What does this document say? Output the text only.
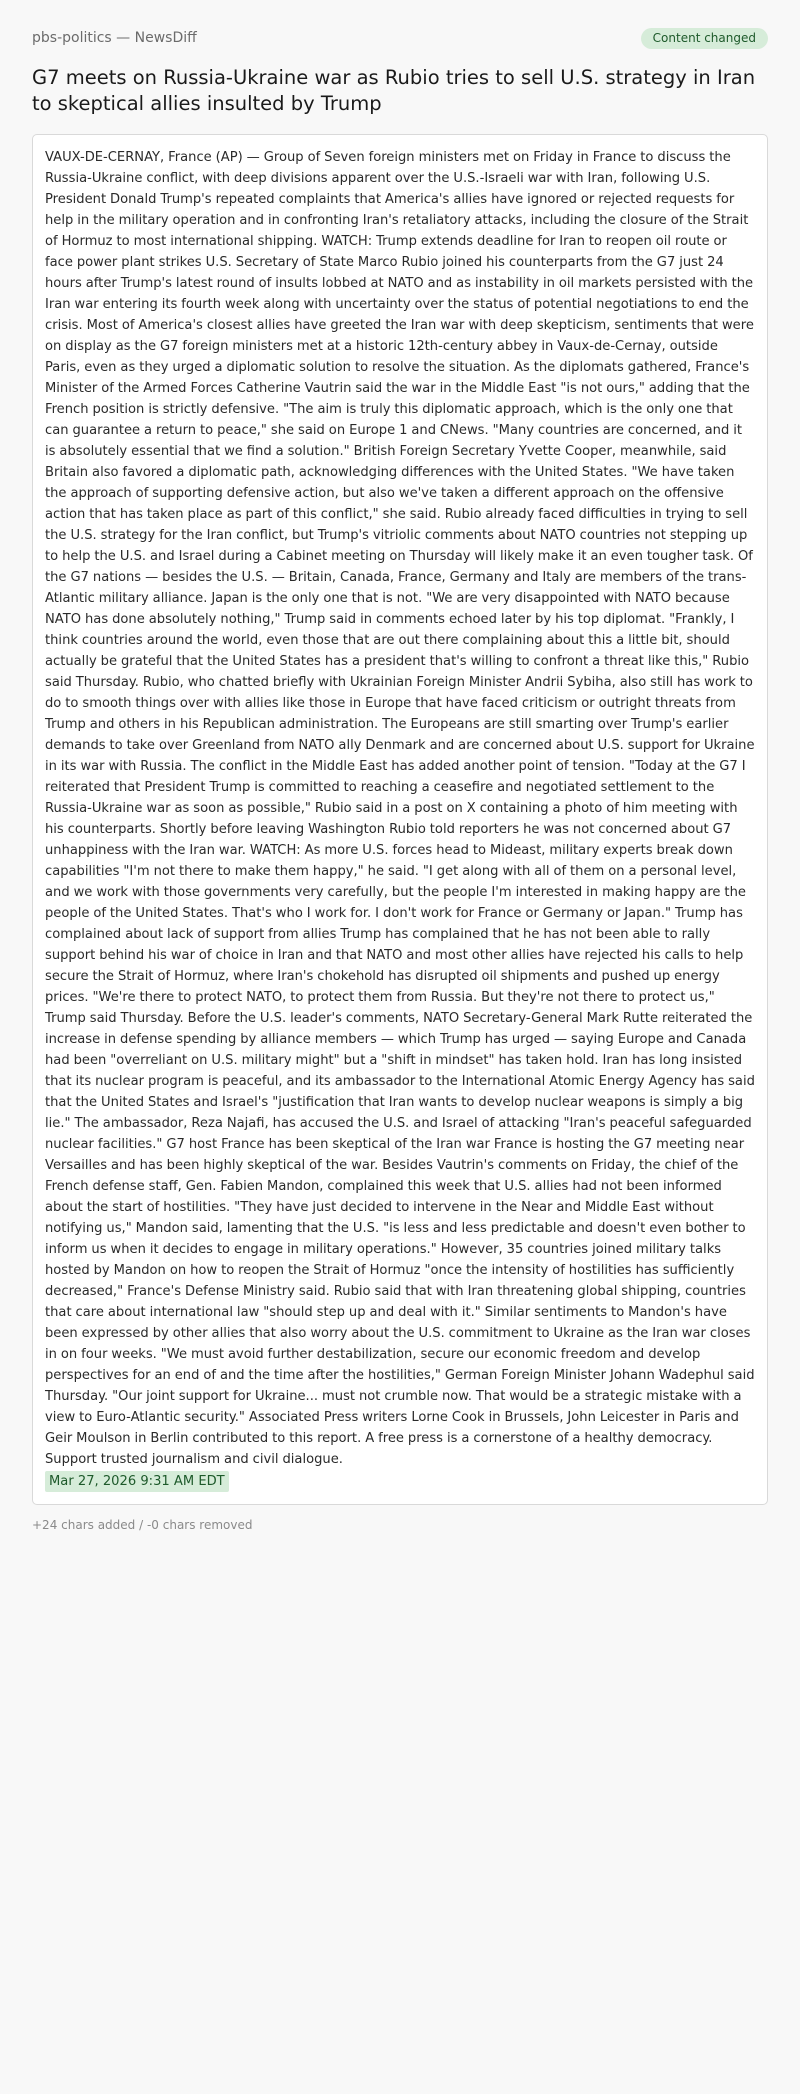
pbs-politics — NewsDiff	Content changed
G7 meets on Russia-Ukraine war as Rubio tries to sell U.S. strategy in Iran to skeptical allies insulted by Trump

VAUX-DE-CERNAY, France (AP) — Group of Seven foreign ministers met on Friday in France to discuss the Russia-Ukraine conflict, with deep divisions apparent over the U.S.-Israeli war with Iran, following U.S. President Donald Trump's repeated complaints that America's allies have ignored or rejected requests for help in the military operation and in confronting Iran's retaliatory attacks, including the closure of the Strait of Hormuz to most international shipping. WATCH: Trump extends deadline for Iran to reopen oil route or face power plant strikes U.S. Secretary of State Marco Rubio joined his counterparts from the G7 just 24 hours after Trump's latest round of insults lobbed at NATO and as instability in oil markets persisted with the Iran war entering its fourth week along with uncertainty over the status of potential negotiations to end the crisis. Most of America's closest allies have greeted the Iran war with deep skepticism, sentiments that were on display as the G7 foreign ministers met at a historic 12th-century abbey in Vaux-de-Cernay, outside Paris, even as they urged a diplomatic solution to resolve the situation. As the diplomats gathered, France's Minister of the Armed Forces Catherine Vautrin said the war in the Middle East "is not ours," adding that the French position is strictly defensive. "The aim is truly this diplomatic approach, which is the only one that can guarantee a return to peace," she said on Europe 1 and CNews. "Many countries are concerned, and it is absolutely essential that we find a solution." British Foreign Secretary Yvette Cooper, meanwhile, said Britain also favored a diplomatic path, acknowledging differences with the United States. "We have taken the approach of supporting defensive action, but also we've taken a different approach on the offensive action that has taken place as part of this conflict," she said. Rubio already faced difficulties in trying to sell the U.S. strategy for the Iran conflict, but Trump's vitriolic comments about NATO countries not stepping up to help the U.S. and Israel during a Cabinet meeting on Thursday will likely make it an even tougher task. Of the G7 nations — besides the U.S. — Britain, Canada, France, Germany and Italy are members of the trans-Atlantic military alliance. Japan is the only one that is not. "We are very disappointed with NATO because NATO has done absolutely nothing," Trump said in comments echoed later by his top diplomat. "Frankly, I think countries around the world, even those that are out there complaining about this a little bit, should actually be grateful that the United States has a president that's willing to confront a threat like this," Rubio said Thursday. Rubio, who chatted briefly with Ukrainian Foreign Minister Andrii Sybiha, also still has work to do to smooth things over with allies like those in Europe that have faced criticism or outright threats from Trump and others in his Republican administration. The Europeans are still smarting over Trump's earlier demands to take over Greenland from NATO ally Denmark and are concerned about U.S. support for Ukraine in its war with Russia. The conflict in the Middle East has added another point of tension. "Today at the G7 I reiterated that President Trump is committed to reaching a ceasefire and negotiated settlement to the Russia-Ukraine war as soon as possible," Rubio said in a post on X containing a photo of him meeting with his counterparts. Shortly before leaving Washington Rubio told reporters he was not concerned about G7 unhappiness with the Iran war. WATCH: As more U.S. forces head to Mideast, military experts break down capabilities "I'm not there to make them happy," he said. "I get along with all of them on a personal level, and we work with those governments very carefully, but the people I'm interested in making happy are the people of the United States. That's who I work for. I don't work for France or Germany or Japan." Trump has complained about lack of support from allies Trump has complained that he has not been able to rally support behind his war of choice in Iran and that NATO and most other allies have rejected his calls to help secure the Strait of Hormuz, where Iran's chokehold has disrupted oil shipments and pushed up energy prices. "We're there to protect NATO, to protect them from Russia. But they're not there to protect us," Trump said Thursday. Before the U.S. leader's comments, NATO Secretary-General Mark Rutte reiterated the increase in defense spending by alliance members — which Trump has urged — saying Europe and Canada had been "overreliant on U.S. military might" but a "shift in mindset" has taken hold. Iran has long insisted that its nuclear program is peaceful, and its ambassador to the International Atomic Energy Agency has said that the United States and Israel's "justification that Iran wants to develop nuclear weapons is simply a big lie." The ambassador, Reza Najafi, has accused the U.S. and Israel of attacking "Iran's peaceful safeguarded nuclear facilities." G7 host France has been skeptical of the Iran war France is hosting the G7 meeting near Versailles and has been highly skeptical of the war. Besides Vautrin's comments on Friday, the chief of the French defense staff, Gen. Fabien Mandon, complained this week that U.S. allies had not been informed about the start of hostilities. "They have just decided to intervene in the Near and Middle East without notifying us," Mandon said, lamenting that the U.S. "is less and less predictable and doesn't even bother to inform us when it decides to engage in military operations." However, 35 countries joined military talks hosted by Mandon on how to reopen the Strait of Hormuz "once the intensity of hostilities has sufficiently decreased," France's Defense Ministry said. Rubio said that with Iran threatening global shipping, countries that care about international law "should step up and deal with it." Similar sentiments to Mandon's have been expressed by other allies that also worry about the U.S. commitment to Ukraine as the Iran war closes in on four weeks. "We must avoid further destabilization, secure our economic freedom and develop perspectives for an end of and the time after the hostilities," German Foreign Minister Johann Wadephul said Thursday. "Our joint support for Ukraine... must not crumble now. That would be a strategic mistake with a view to Euro-Atlantic security." Associated Press writers Lorne Cook in Brussels, John Leicester in Paris and Geir Moulson in Berlin contributed to this report. A free press is a cornerstone of a healthy democracy. Support trusted journalism and civil dialogue.

Mar 27, 2026 9:31 AM EDT
+24 chars added / -0 chars removed
